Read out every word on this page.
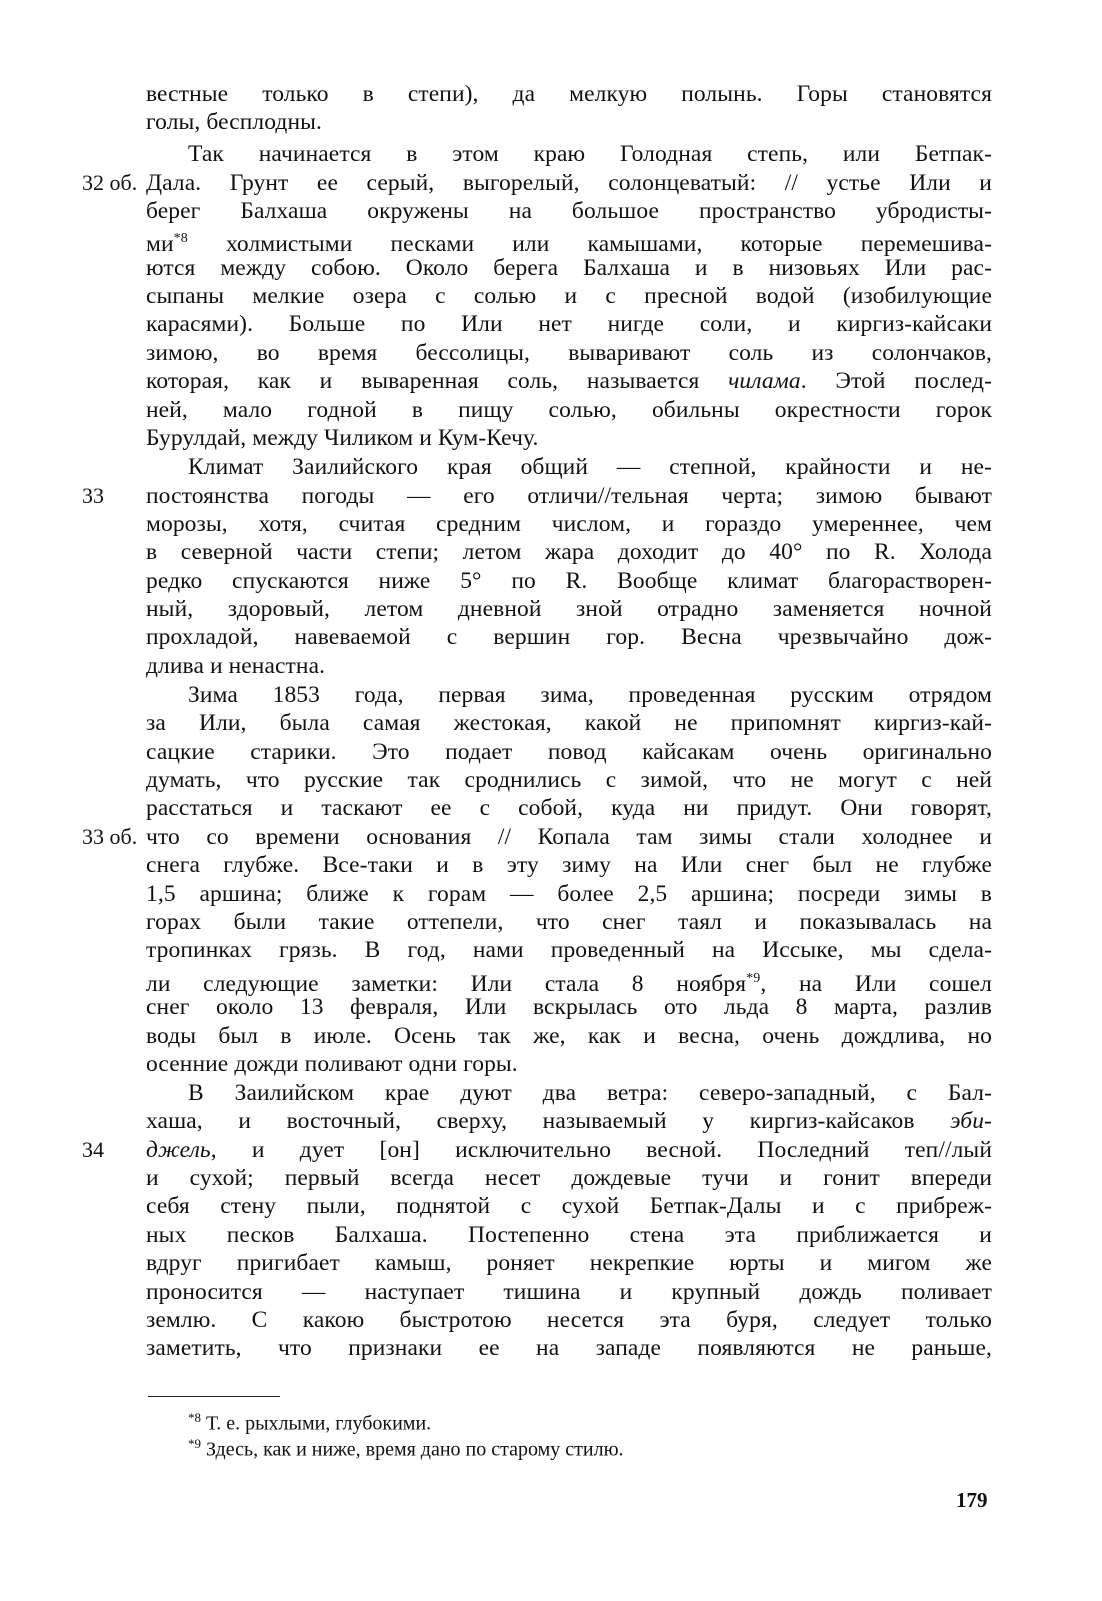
вестные только в степи), да мелкую полынь. Горы становятся
голы, бесплодны.
Так начинается в этом краю Голодная степь, или Бетпак-
32 об. Дала. Грунт ее серый, выгорелый, солонцеватый: // устье Или и
берег Балхаша окружены на большое пространство убродисты-
$ми^{*8}$ холмистыми песками или камышами, которые перемешива-
ются между собою. Около берега Балхаша и в низовьях Или рас-
сыпаны мелкие озера с солью и с пресной водой (изобилующие
карасями). Больше по Или нет нигде соли, и киргиз-кайсаки
зимою, во время бессолицы, вываривают соль из солончаков,
которая, как и вываренная соль, называется чилама. Этой послед-
ней, мало годной в пищу солью, обильны окрестности горок
Бурулдай, между Чиликом и Кум-Кечу.
Климат Заилийского края общий — степной, крайности и не-
33 постоянства погоды — его отличи//тельная черта; зимою бывают
морозы, хотя, считая средним числом, и гораздо умереннее, чем
в северной части степи; летом жара доходит до 40° по R. Холода
редко спускаются ниже 5° по R. Вообще климат благорастворен-
ный, здоровый, летом дневной зной отрадно заменяется ночной
прохладой, навеваемой с вершин гор. Весна чрезвычайно дож-
длива и ненастна.
Зима 1853 года, первая зима, проведенная русским отрядом
за Или, была самая жестокая, какой не припомнят киргиз-кай-
сацкие старики. Это подает повод кайсакам очень оригинально
думать, что русские так сроднились с зимой, что не могут с ней
расстаться и таскают ее с собой, куда ни придут. Они говорят,
33 об. что со времени основания // Копала там зимы стали холоднее и
снега глубже. Все-таки и в эту зиму на Или снег был не глубже
1,5 аршина; ближе к горам — более 2,5 аршина; посреди зимы в
горах были такие оттепели, что снег таял и показывалась на
тропинках грязь. В год, нами проведенный на Иссыке, мы сдела-
ли следующие заметки: Или стала 8 ноября$^{*9}$, на Или сошел
снег около 13 февраля, Или вскрылась ото льда 8 марта, разлив
воды был в июле. Осень так же, как и весна, очень дождлива, но
осенние дожди поливают одни горы.
В Заилийском крае дуют два ветра: северо-западный, с Бал-
хаша, и восточный, сверху, называемый у киргиз-кайсаков эби-
34 джель, и дует [он] исключительно весной. Последний теп//лый
и сухой; первый всегда несет дождевые тучи и гонит впереди
себя стену пыли, поднятой с сухой Бетпак-Далы и с прибреж-
ных песков Балхаша. Постепенно стена эта приближается и
вдруг пригибает камыш, роняет некрепкие юрты и мигом же
проносится — наступает тишина и крупный дождь поливает
землю. С какою быстротою несется эта буря, следует только
заметить, что признаки ее на западе появляются не раньше,
$^{*8}$ Т. е. рыхлыми, глубокими.
$^{*9}$ Здесь, как и ниже, время дано по старому стилю.
179
